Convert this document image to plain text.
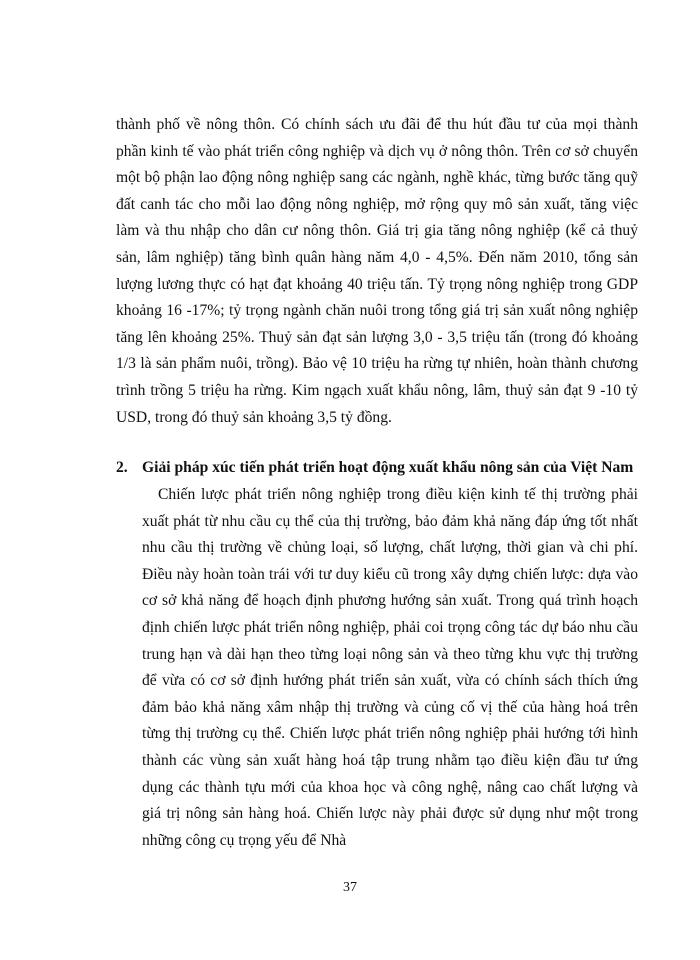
thành phố về nông thôn. Có chính sách ưu đãi để thu hút đầu tư của mọi thành phần kinh tế vào phát triển công nghiệp và dịch vụ ở nông thôn. Trên cơ sở chuyển một bộ phận lao động nông nghiệp sang các ngành, nghề khác, từng bước tăng quỹ đất canh tác cho mỗi lao động nông nghiệp, mở rộng quy mô sản xuất, tăng việc làm và thu nhập cho dân cư nông thôn. Giá trị gia tăng nông nghiệp (kể cả thuỷ sản, lâm nghiệp) tăng bình quân hàng năm 4,0 - 4,5%. Đến năm 2010, tổng sản lượng lương thực có hạt đạt khoảng 40 triệu tấn. Tỷ trọng nông nghiệp trong GDP khoảng 16 -17%; tỷ trọng ngành chăn nuôi trong tổng giá trị sản xuất nông nghiệp tăng lên khoảng 25%. Thuỷ sản đạt sản lượng 3,0 - 3,5 triệu tấn (trong đó khoảng 1/3 là sản phẩm nuôi, trồng). Bảo vệ 10 triệu ha rừng tự nhiên, hoàn thành chương trình trồng 5 triệu ha rừng. Kim ngạch xuất khẩu nông, lâm, thuỷ sản đạt 9 -10 tỷ USD, trong đó thuỷ sản khoảng 3,5 tỷ đồng.

2. Giải pháp xúc tiến phát triển hoạt động xuất khẩu nông sản của Việt Nam

Chiến lược phát triển nông nghiệp trong điều kiện kinh tế thị trường phải xuất phát từ nhu cầu cụ thể của thị trường, bảo đảm khả năng đáp ứng tốt nhất nhu cầu thị trường về chủng loại, số lượng, chất lượng, thời gian và chi phí. Điều này hoàn toàn trái với tư duy kiểu cũ trong xây dựng chiến lược: dựa vào cơ sở khả năng để hoạch định phương hướng sản xuất. Trong quá trình hoạch định chiến lược phát triển nông nghiệp, phải coi trọng công tác dự báo nhu cầu trung hạn và dài hạn theo từng loại nông sản và theo từng khu vực thị trường để vừa có cơ sở định hướng phát triển sản xuất, vừa có chính sách thích ứng đảm bảo khả năng xâm nhập thị trường và củng cố vị thế của hàng hoá trên từng thị trường cụ thể. Chiến lược phát triển nông nghiệp phải hướng tới hình thành các vùng sản xuất hàng hoá tập trung nhằm tạo điều kiện đầu tư ứng dụng các thành tựu mới của khoa học và công nghệ, nâng cao chất lượng và giá trị nông sản hàng hoá. Chiến lược này phải được sử dụng như một trong những công cụ trọng yếu để Nhà

37
